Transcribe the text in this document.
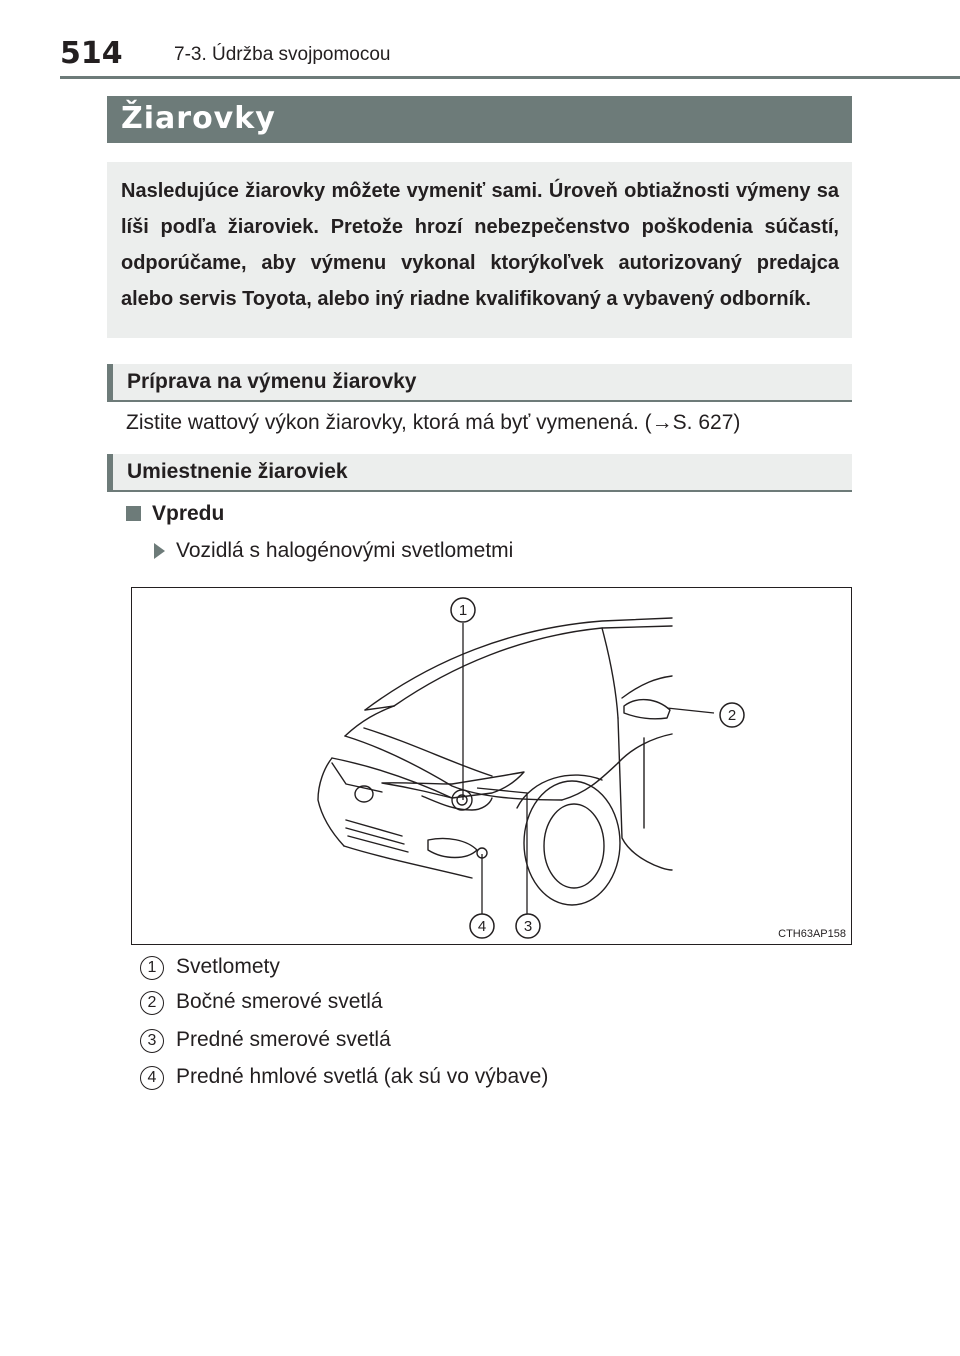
514	7-3. Údržba svojpomocou
Žiarovky
Nasledujúce žiarovky môžete vymeniť sami. Úroveň obtiažnosti výmeny sa líši podľa žiaroviek. Pretože hrozí nebezpečenstvo poškodenia súčastí, odporúčame, aby výmenu vykonal ktorýkoľvek autorizovaný predajca alebo servis Toyota, alebo iný riadne kvalifikovaný a vybavený odborník.
Príprava na výmenu žiarovky
Zistite wattový výkon žiarovky, ktorá má byť vymenená. (→S. 627)
Umiestnenie žiaroviek
Vpredu
Vozidlá s halogénovými svetlometmi
1
2
4	3	CTH63AP158
1 Svetlomety
2 Bočné smerové svetlá
3 Predné smerové svetlá
4 Predné hmlové svetlá (ak sú vo výbave)
